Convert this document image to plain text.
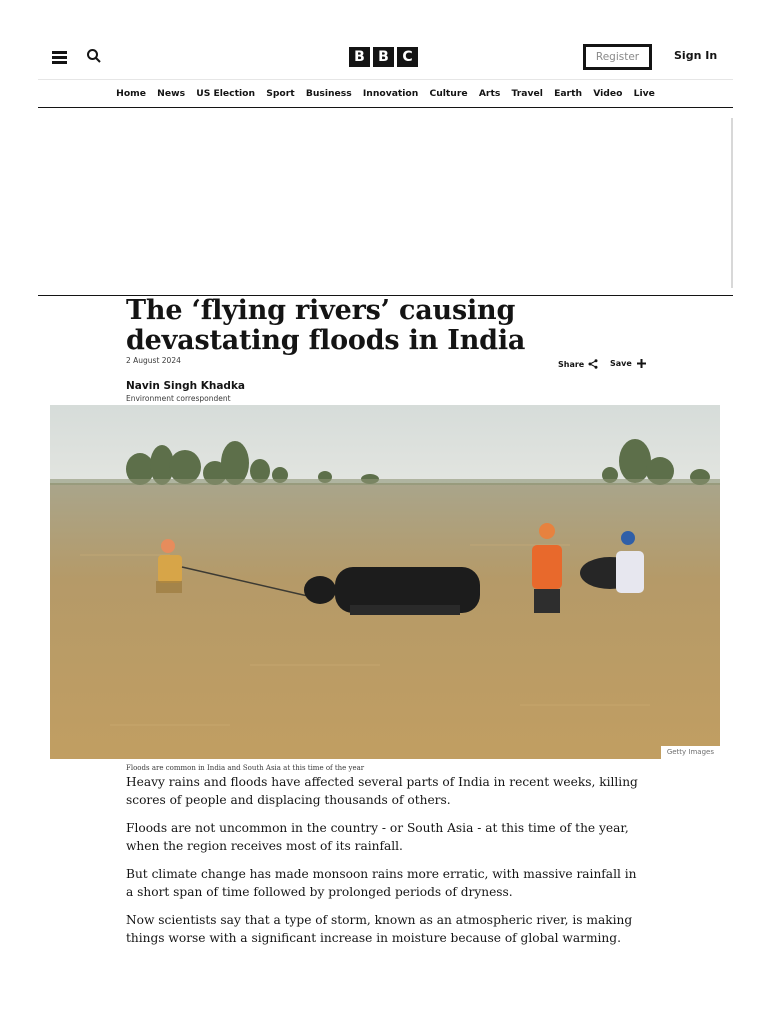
B B C	Register	Sign In
Home	News	US Election	Sport	Business	Innovation	Culture	Arts	Travel	Earth	Video	Live
The ‘flying rivers’ causing devastating floods in India
2 August 2024	Share	Save
Navin Singh Khadka
Environment correspondent
Getty Images
Floods are common in India and South Asia at this time of the year

Heavy rains and floods have affected several parts of India in recent weeks, killing scores of people and displacing thousands of others.

Floods are not uncommon in the country - or South Asia - at this time of the year, when the region receives most of its rainfall.

But climate change has made monsoon rains more erratic, with massive rainfall in a short span of time followed by prolonged periods of dryness.

Now scientists say that a type of storm, known as an atmospheric river, is making things worse with a significant increase in moisture because of global warming.
